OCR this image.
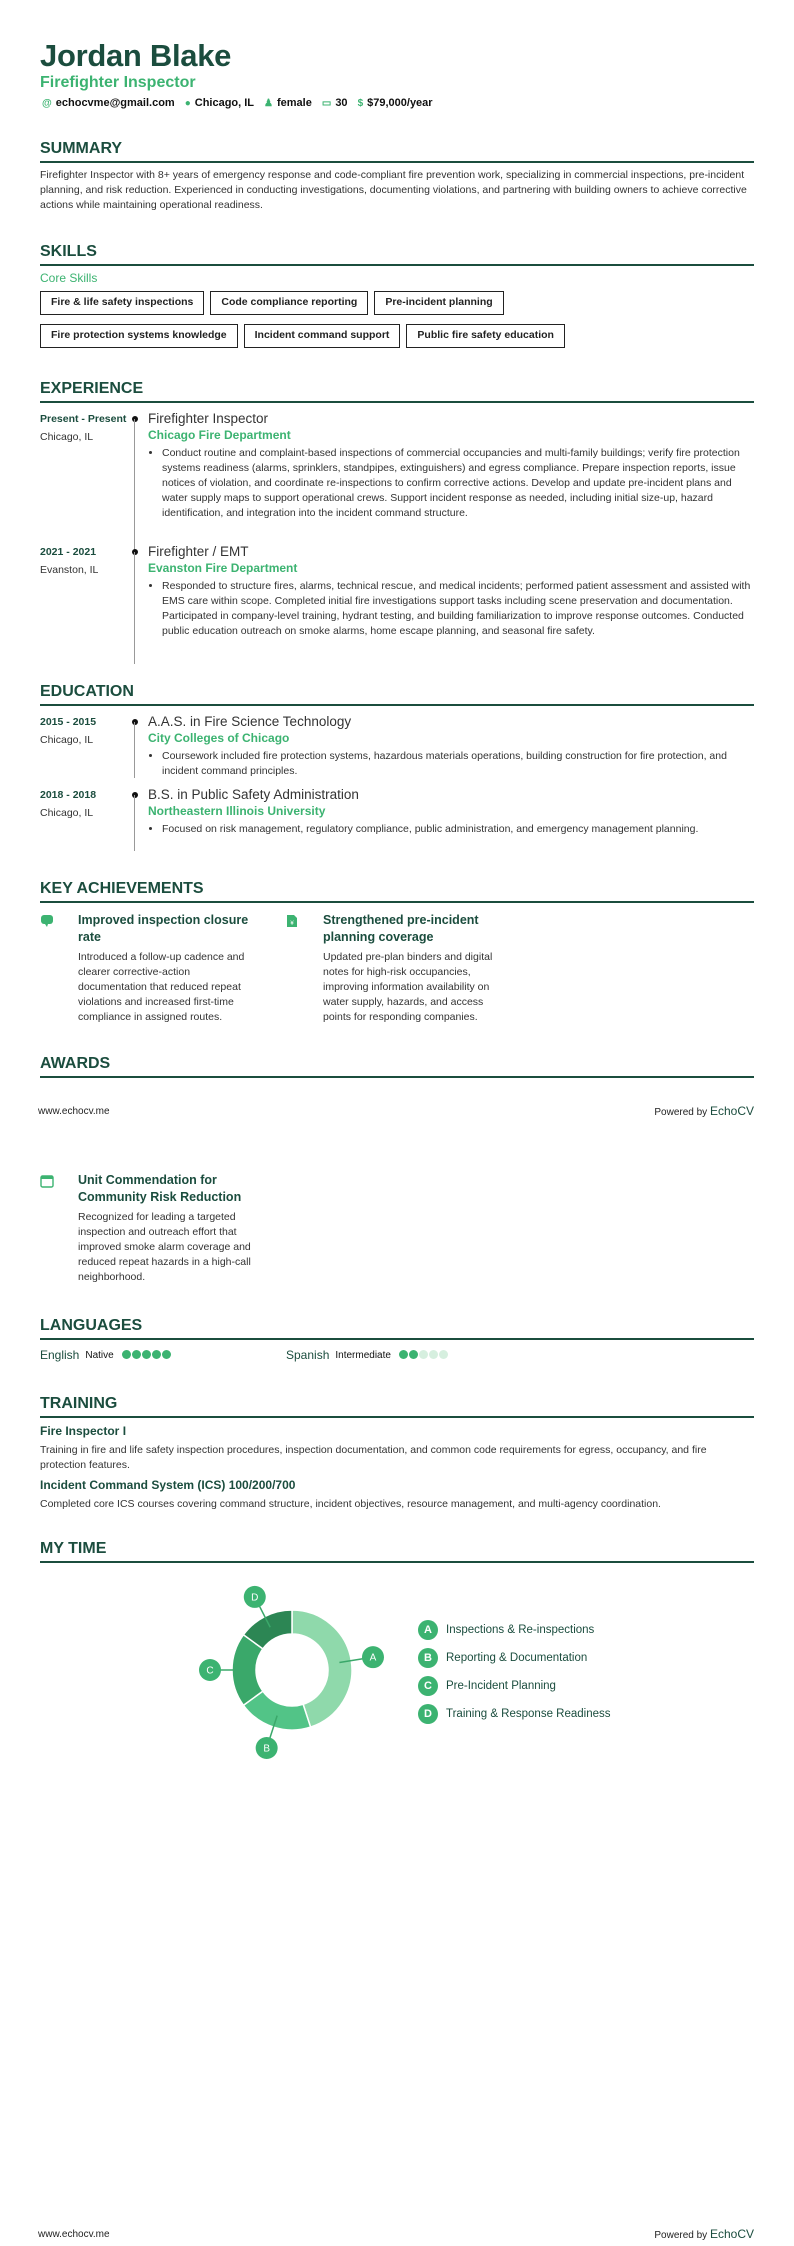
Jordan Blake
Firefighter Inspector
@ echocvme@gmail.com ● Chicago, IL ♟ female ▭ 30 $ $79,000/year
SUMMARY
Firefighter Inspector with 8+ years of emergency response and code-compliant fire prevention work, specializing in commercial inspections, pre-incident planning, and risk reduction. Experienced in conducting investigations, documenting violations, and partnering with building owners to achieve corrective actions while maintaining operational readiness.
SKILLS
Core Skills
Fire & life safety inspections	Code compliance reporting	Pre-incident planning
Fire protection systems knowledge	Incident command support	Public fire safety education
EXPERIENCE
Present - Present
Chicago, IL
Firefighter Inspector
Chicago Fire Department
• Conduct routine and complaint-based inspections of commercial occupancies and multi-family buildings; verify fire protection systems readiness (alarms, sprinklers, standpipes, extinguishers) and egress compliance. Prepare inspection reports, issue notices of violation, and coordinate re-inspections to confirm corrective actions. Develop and update pre-incident plans and water supply maps to support operational crews. Support incident response as needed, including initial size-up, hazard identification, and integration into the incident command structure.
2021 - 2021
Evanston, IL
Firefighter / EMT
Evanston Fire Department
• Responded to structure fires, alarms, technical rescue, and medical incidents; performed patient assessment and assisted with EMS care within scope. Completed initial fire investigations support tasks including scene preservation and documentation. Participated in company-level training, hydrant testing, and building familiarization to improve response outcomes. Conducted public education outreach on smoke alarms, home escape planning, and seasonal fire safety.
EDUCATION
2015 - 2015
Chicago, IL
A.A.S. in Fire Science Technology
City Colleges of Chicago
• Coursework included fire protection systems, hazardous materials operations, building construction for fire protection, and incident command principles.
2018 - 2018
Chicago, IL
B.S. in Public Safety Administration
Northeastern Illinois University
• Focused on risk management, regulatory compliance, public administration, and emergency management planning.
KEY ACHIEVEMENTS
Improved inspection closure rate
Introduced a follow-up cadence and clearer corrective-action documentation that reduced repeat violations and increased first-time compliance in assigned routes.
¥ Strengthened pre-incident planning coverage
Updated pre-plan binders and digital notes for high-risk occupancies, improving information availability on water supply, hazards, and access points for responding companies.
AWARDS
www.echocv.me	Powered by EchoCV
Unit Commendation for Community Risk Reduction
Recognized for leading a targeted inspection and outreach effort that improved smoke alarm coverage and reduced repeat hazards in a high-call neighborhood.
LANGUAGES
English Native	Spanish Intermediate
TRAINING
Fire Inspector I
Training in fire and life safety inspection procedures, inspection documentation, and common code requirements for egress, occupancy, and fire protection features.
Incident Command System (ICS) 100/200/700
Completed core ICS courses covering command structure, incident objectives, resource management, and multi-agency coordination.
MY TIME
A
B
C
D
A	Inspections & Re-inspections
B	Reporting & Documentation
C	Pre-Incident Planning
D	Training & Response Readiness
www.echocv.me	Powered by EchoCV
